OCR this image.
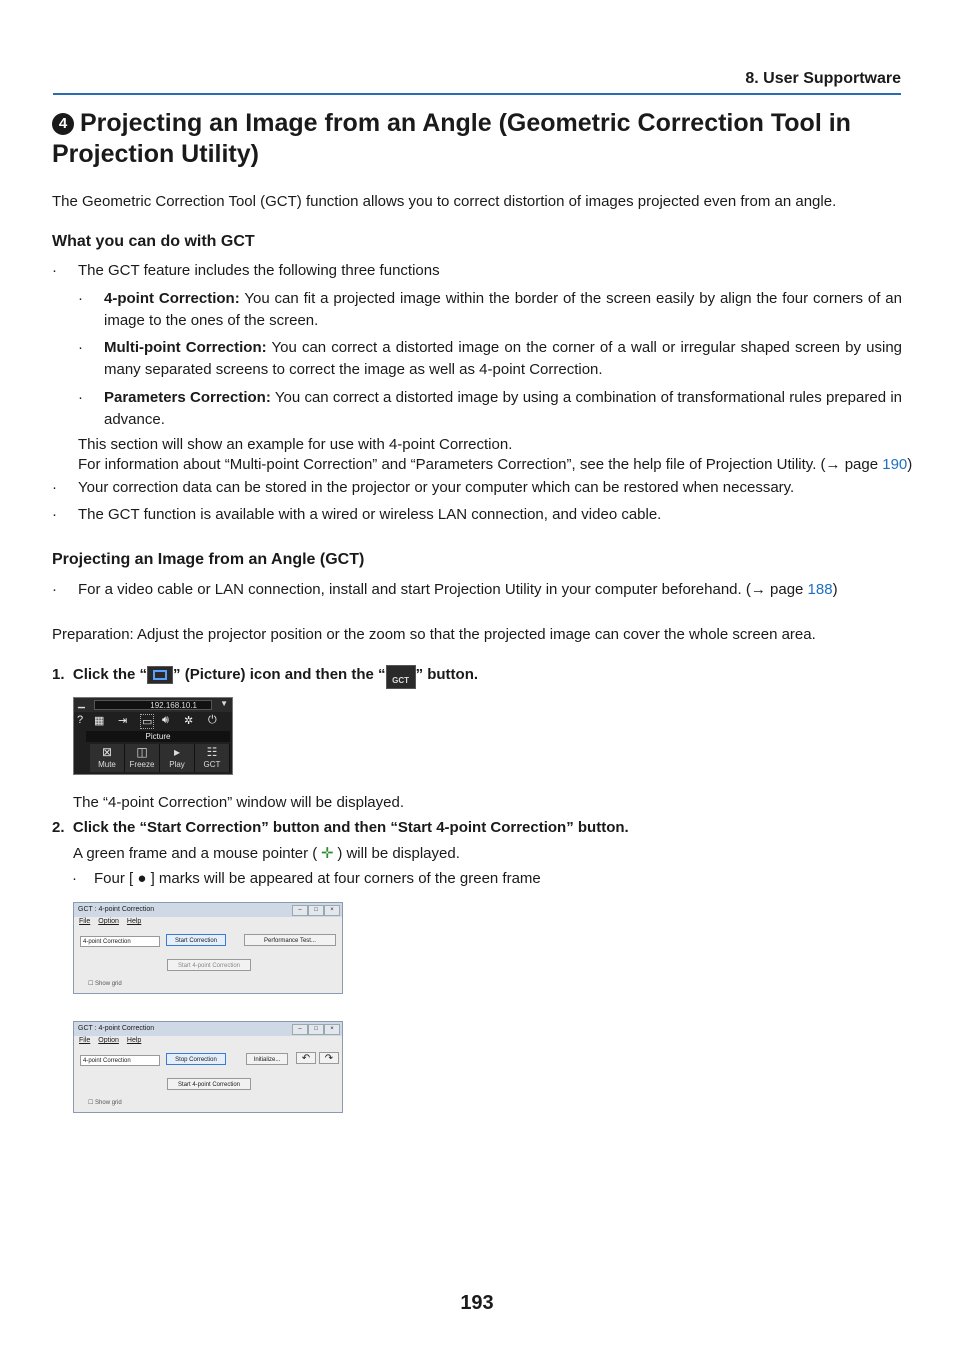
8. User Supportware
4 Projecting an Image from an Angle (Geometric Correction Tool in Projection Utility)
The Geometric Correction Tool (GCT) function allows you to correct distortion of images projected even from an angle.
What you can do with GCT
· The GCT feature includes the following three functions
· 4-point Correction: You can fit a projected image within the border of the screen easily by align the four corners of an image to the ones of the screen.
· Multi-point Correction: You can correct a distorted image on the corner of a wall or irregular shaped screen by using many separated screens to correct the image as well as 4-point Correction.
· Parameters Correction: You can correct a distorted image by using a combination of transformational rules prepared in advance.
This section will show an example for use with 4-point Correction.
For information about “Multi-point Correction” and “Parameters Correction”, see the help file of Projection Utility. (→ page 190)
· Your correction data can be stored in the projector or your computer which can be restored when necessary.
· The GCT function is available with a wired or wireless LAN connection, and video cable.
Projecting an Image from an Angle (GCT)
· For a video cable or LAN connection, install and start Projection Utility in your computer beforehand. (→ page 188)
Preparation: Adjust the projector position or the zoom so that the projected image can cover the whole screen area.
1. Click the “ ” (Picture) icon and then the “ GCT ” button.
▁	192.168.10.1	▼
? ▦ ⇥ ▭ 🔊︎ ✲ ⏻
Picture
⊠
Mute
◫
Freeze
▸
Play
☷
GCT
The “4-point Correction” window will be displayed.
2. Click the “Start Correction” button and then “Start 4-point Correction” button.
A green frame and a mouse pointer ( ✛ ) will be displayed.
· Four [ ● ] marks will be appeared at four corners of the green frame
GCT : 4-point Correction	–	□	×
File Option Help
4-point Correction	Start Correction	Performance Test...
Start 4-point Correction
☐ Show grid
GCT : 4-point Correction	–	□	×
File Option Help
4-point Correction	Stop Correction	Initialize...	↶	↷
Start 4-point Correction
☐ Show grid
193
